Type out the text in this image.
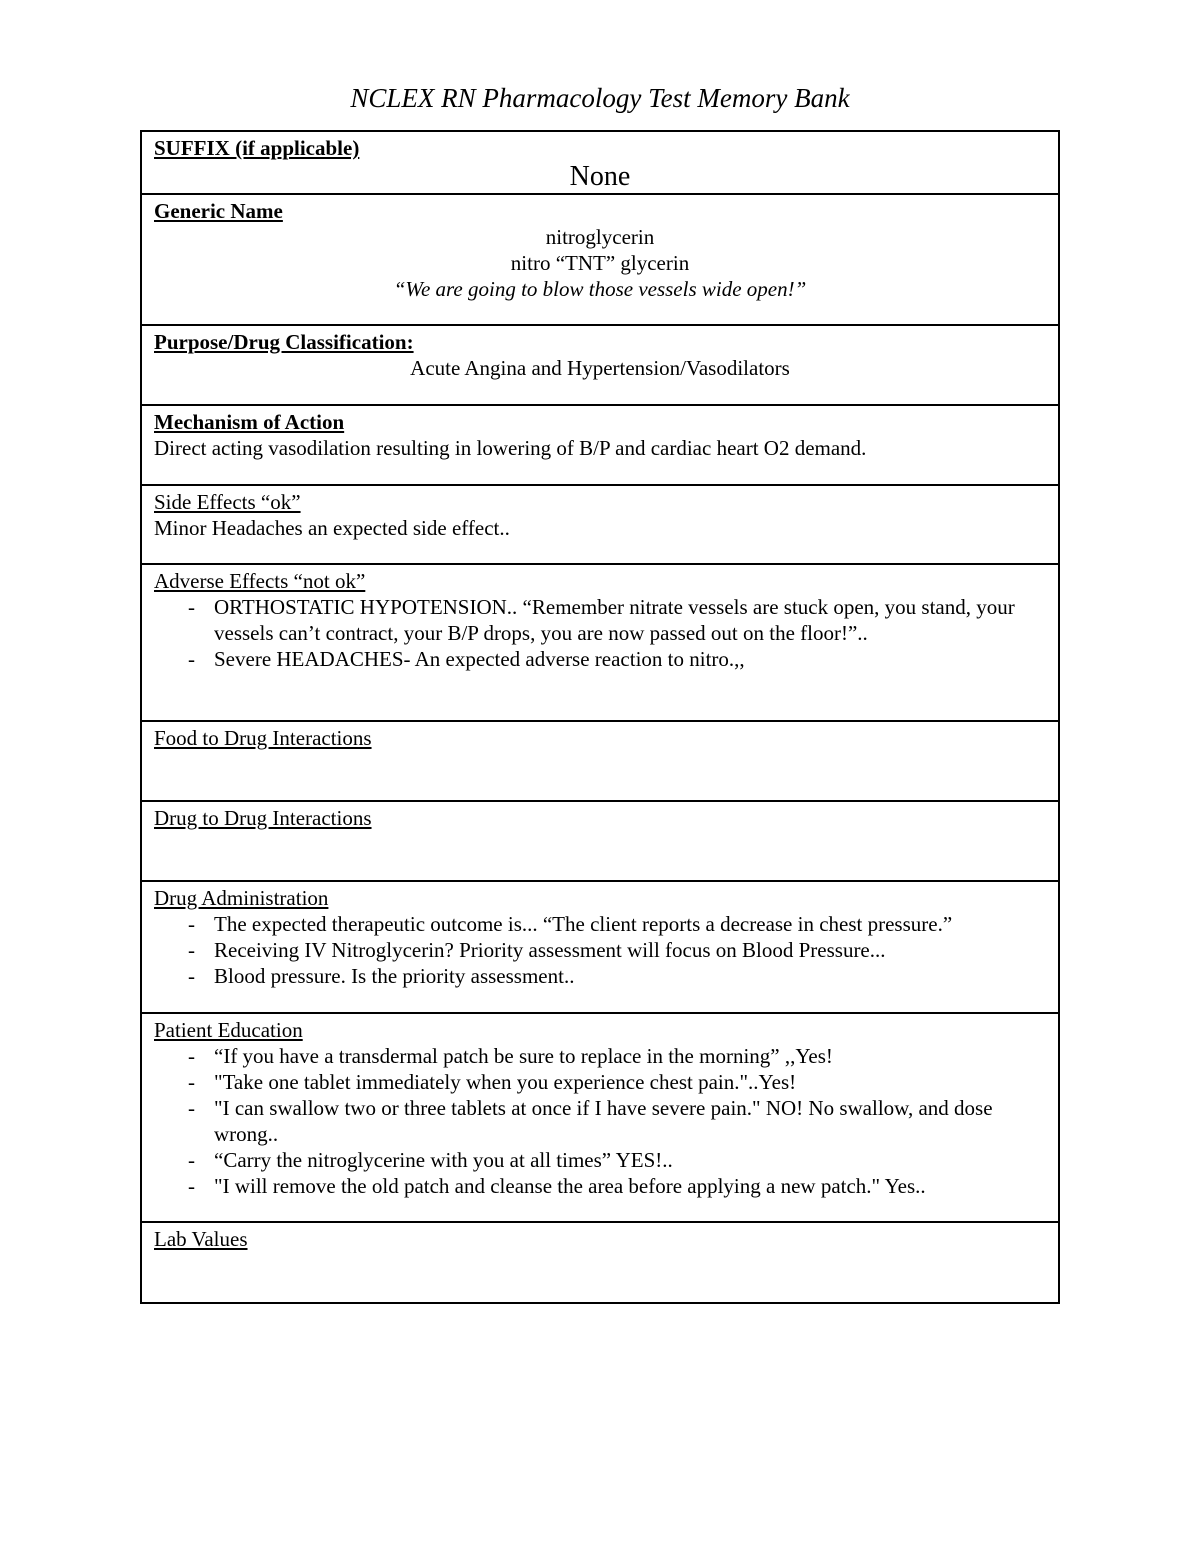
NCLEX RN Pharmacology Test Memory Bank
SUFFIX (if applicable)
None
Generic Name
nitroglycerin
nitro “TNT” glycerin
“We are going to blow those vessels wide open!”
Purpose/Drug Classification:
Acute Angina and Hypertension/Vasodilators
Mechanism of Action
Direct acting vasodilation resulting in lowering of B/P and cardiac heart O2 demand.
Side Effects “ok”
Minor Headaches an expected side effect..
Adverse Effects “not ok”
- ORTHOSTATIC HYPOTENSION.. “Remember nitrate vessels are stuck open, you stand, your vessels can’t contract, your B/P drops, you are now passed out on the floor!”..
- Severe HEADACHES- An expected adverse reaction to nitro.,,
Food to Drug Interactions
Drug to Drug Interactions
Drug Administration
- The expected therapeutic outcome is... “The client reports a decrease in chest pressure.”
- Receiving IV Nitroglycerin? Priority assessment will focus on Blood Pressure...
- Blood pressure. Is the priority assessment..
Patient Education
- “If you have a transdermal patch be sure to replace in the morning” ,,Yes!
- "Take one tablet immediately when you experience chest pain."..Yes!
- "I can swallow two or three tablets at once if I have severe pain." NO! No swallow, and dose wrong..
- “Carry the nitroglycerine with you at all times” YES!..
- "I will remove the old patch and cleanse the area before applying a new patch." Yes..
Lab Values
